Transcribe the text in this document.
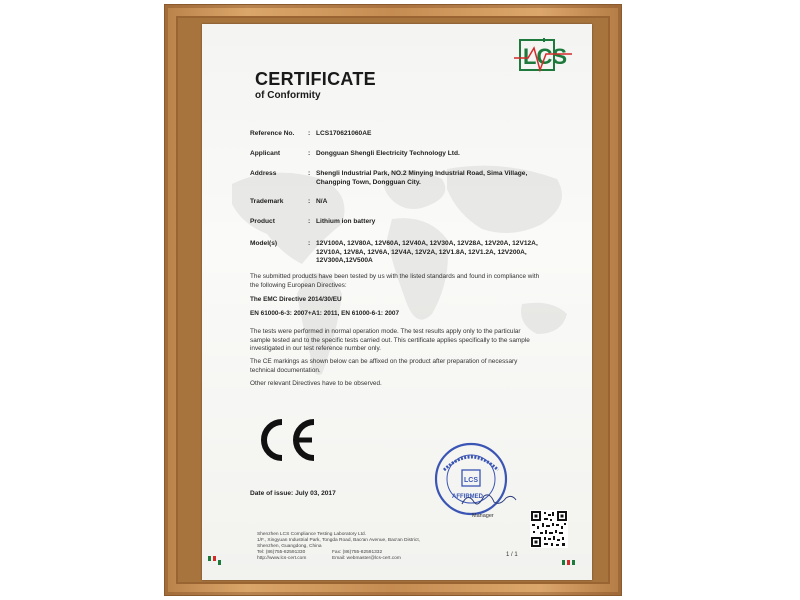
LCS
CERTIFICATE
of Conformity
Reference No.	: LCS170621060AE
Applicant	: Dongguan Shengli Electricity Technology Ltd.
Address	: Shengli Industrial Park, NO.2 Minying Industrial Road, Sima Village, Changping Town, Dongguan City.
Trademark	: N/A
Product	: Lithium ion battery
Model(s)	: 12V100A, 12V80A, 12V60A, 12V40A, 12V30A, 12V28A, 12V20A, 12V12A, 12V10A, 12V8A, 12V6A, 12V4A, 12V2A, 12V1.8A, 12V1.2A, 12V200A, 12V300A,12V500A
The submitted products have been tested by us with the listed standards and found in compliance with the following European Directives:
The EMC Directive 2014/30/EU
EN 61000-6-3: 2007+A1: 2011, EN 61000-6-1: 2007
The tests were performed in normal operation mode. The test results apply only to the particular sample tested and to the specific tests carried out. This certificate applies specifically to the sample investigated in our test reference number only.
The CE markings as shown below can be affixed on the product after preparation of necessary technical documentation.
Other relevant Directives have to be observed.
CE
LCS
AFFIRMED
Manager
Date of issue: July 03, 2017
Shenzhen LCS Compliance Testing Laboratory Ltd.
1/F., Xingyuan Industrial Park, Tongda Road, Bao'an Avenue, Bao'an District,
Shenzhen, Guangdong, China
Tel: (86)755-82591330	Fax: (86)755-82591332
http://www.lcs-cert.com	Email: webmaster@lcs-cert.com
1 / 1
